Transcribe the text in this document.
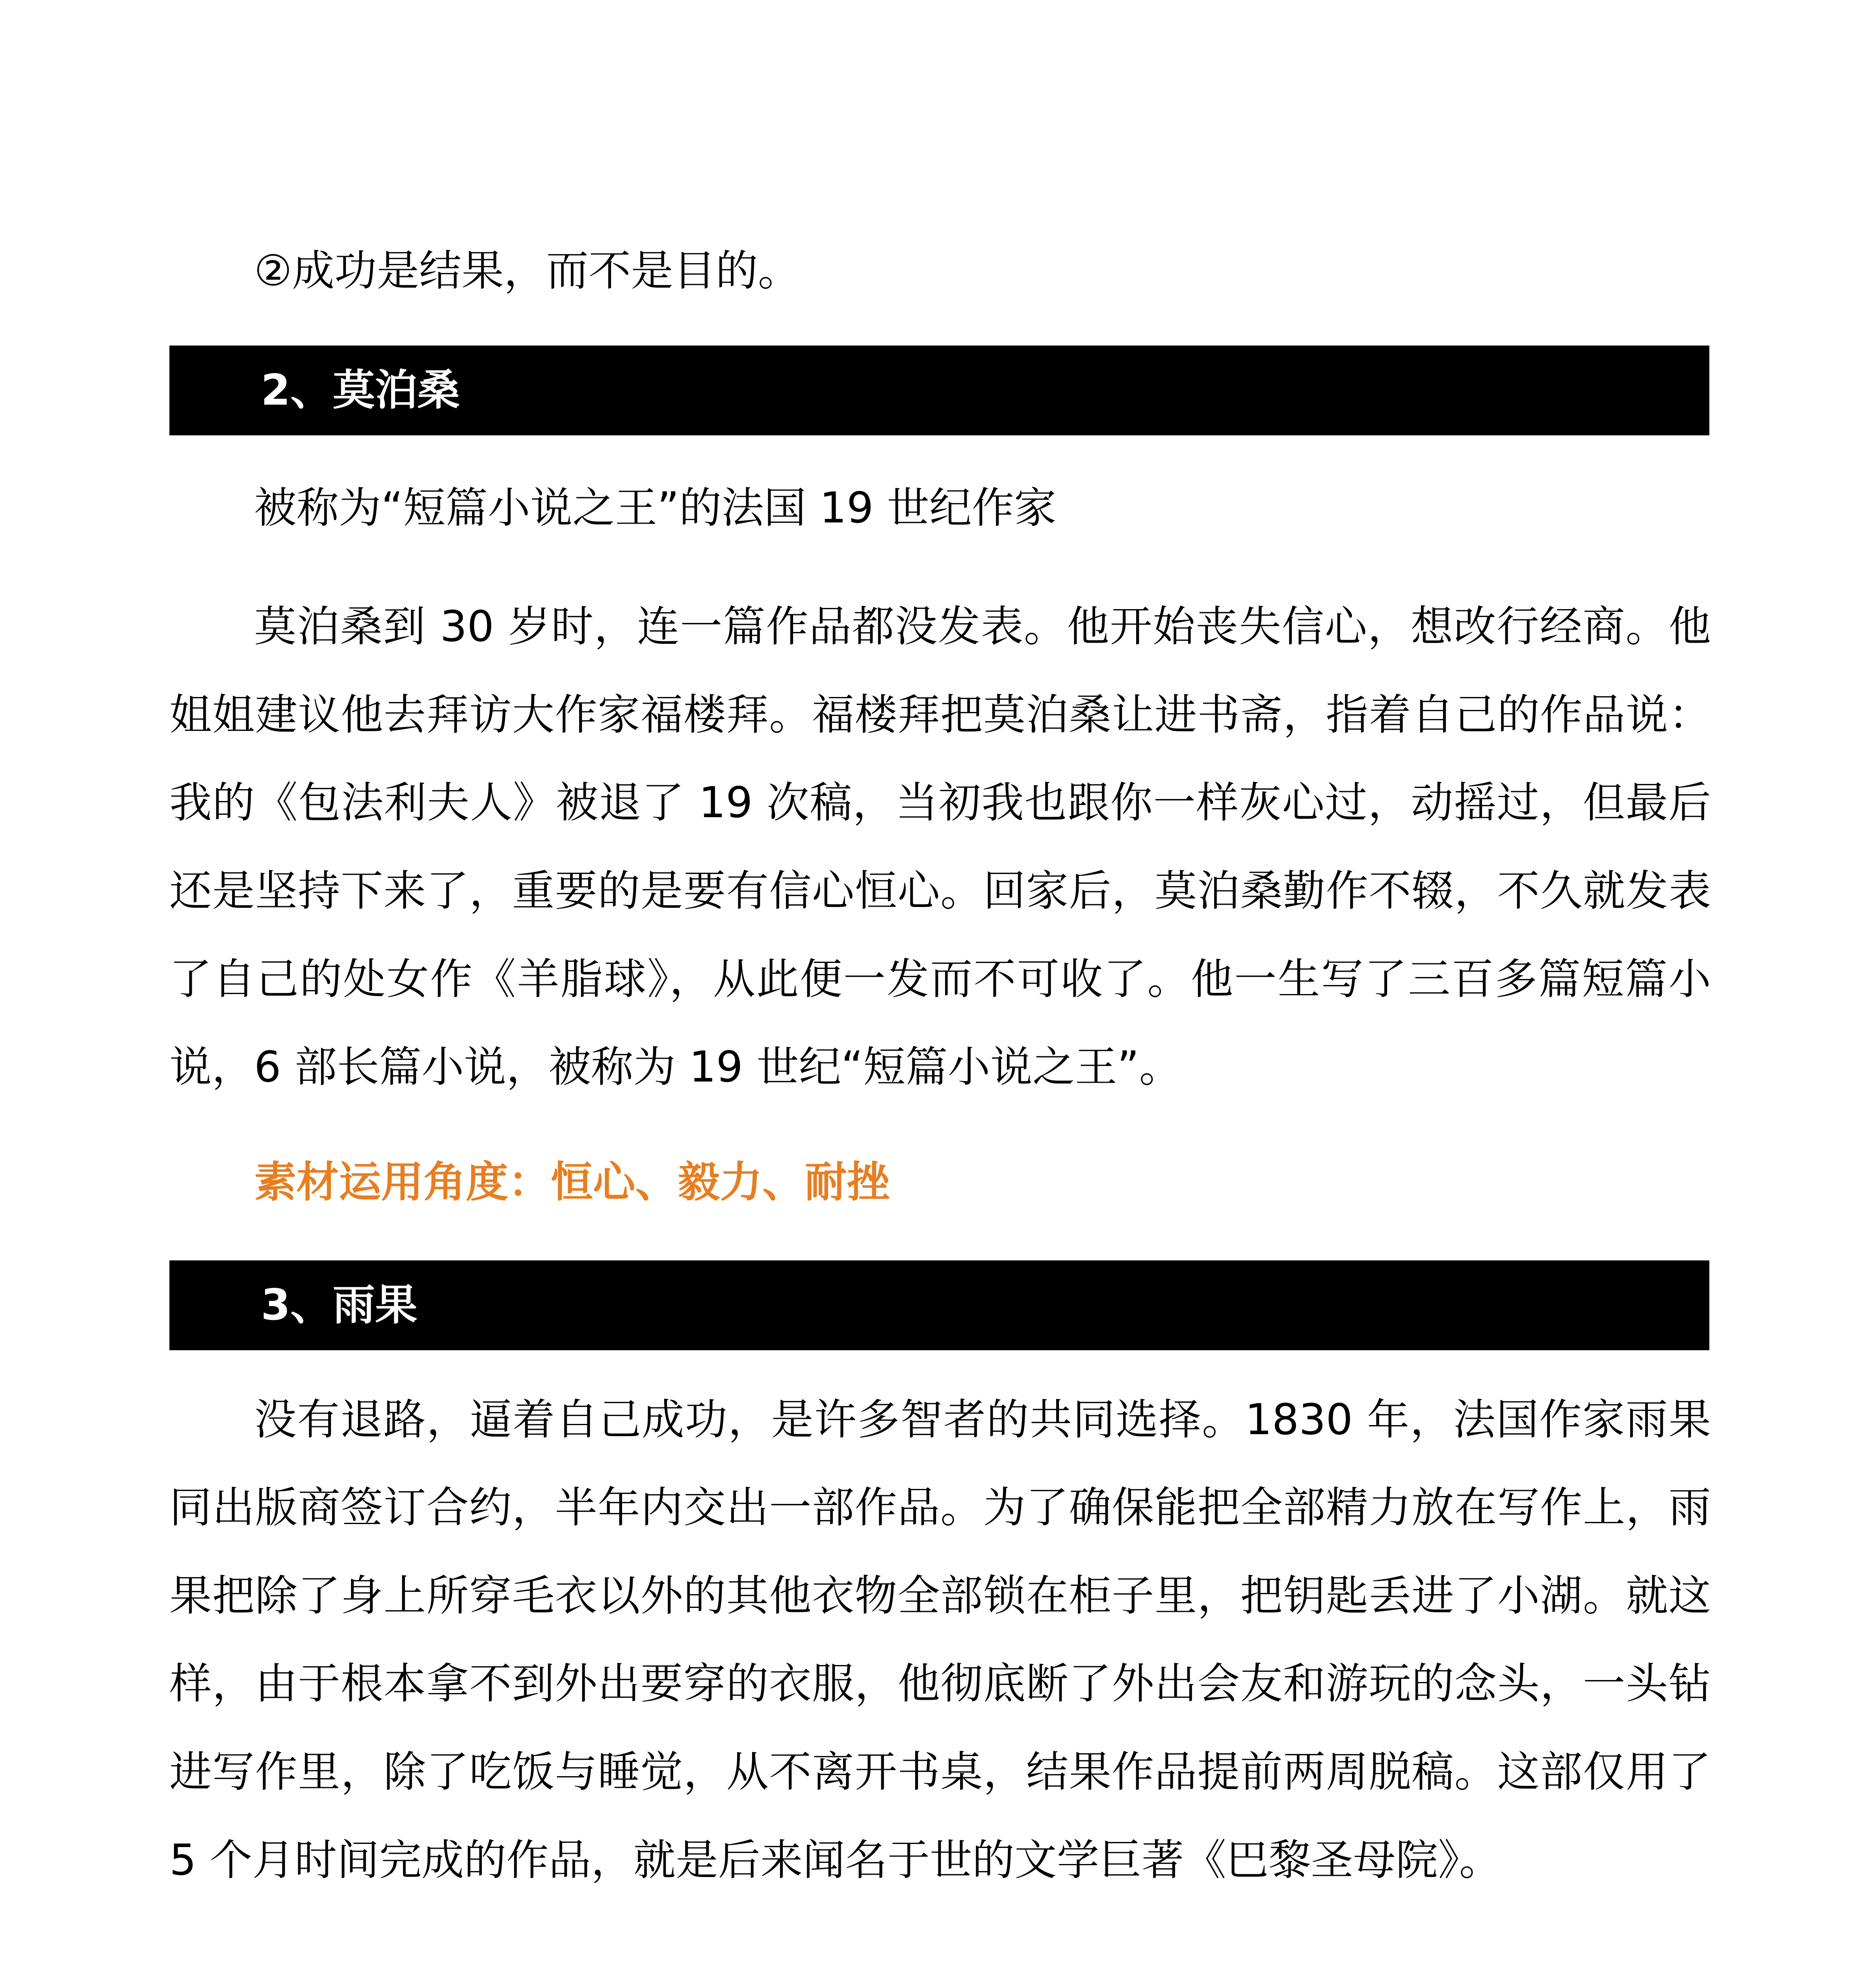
②成功是结果，而不是目的。

2、莫泊桑

被称为“短篇小说之王”的法国 19 世纪作家

莫泊桑到 30 岁时，连一篇作品都没发表。他开始丧失信心，想改行经商。他姐姐建议他去拜访大作家福楼拜。福楼拜把莫泊桑让进书斋，指着自己的作品说：我的《包法利夫人》被退了 19 次稿，当初我也跟你一样灰心过，动摇过，但最后还是坚持下来了，重要的是要有信心恒心。回家后，莫泊桑勤作不辍，不久就发表了自己的处女作《羊脂球》，从此便一发而不可收了。他一生写了三百多篇短篇小说，6 部长篇小说，被称为 19 世纪“短篇小说之王”。

素材运用角度：恒心、毅力、耐挫

3、雨果

没有退路，逼着自己成功，是许多智者的共同选择。1830 年，法国作家雨果同出版商签订合约，半年内交出一部作品。为了确保能把全部精力放在写作上，雨果把除了身上所穿毛衣以外的其他衣物全部锁在柜子里，把钥匙丢进了小湖。就这样，由于根本拿不到外出要穿的衣服，他彻底断了外出会友和游玩的念头，一头钻进写作里，除了吃饭与睡觉，从不离开书桌，结果作品提前两周脱稿。这部仅用了 5 个月时间完成的作品，就是后来闻名于世的文学巨著《巴黎圣母院》。
